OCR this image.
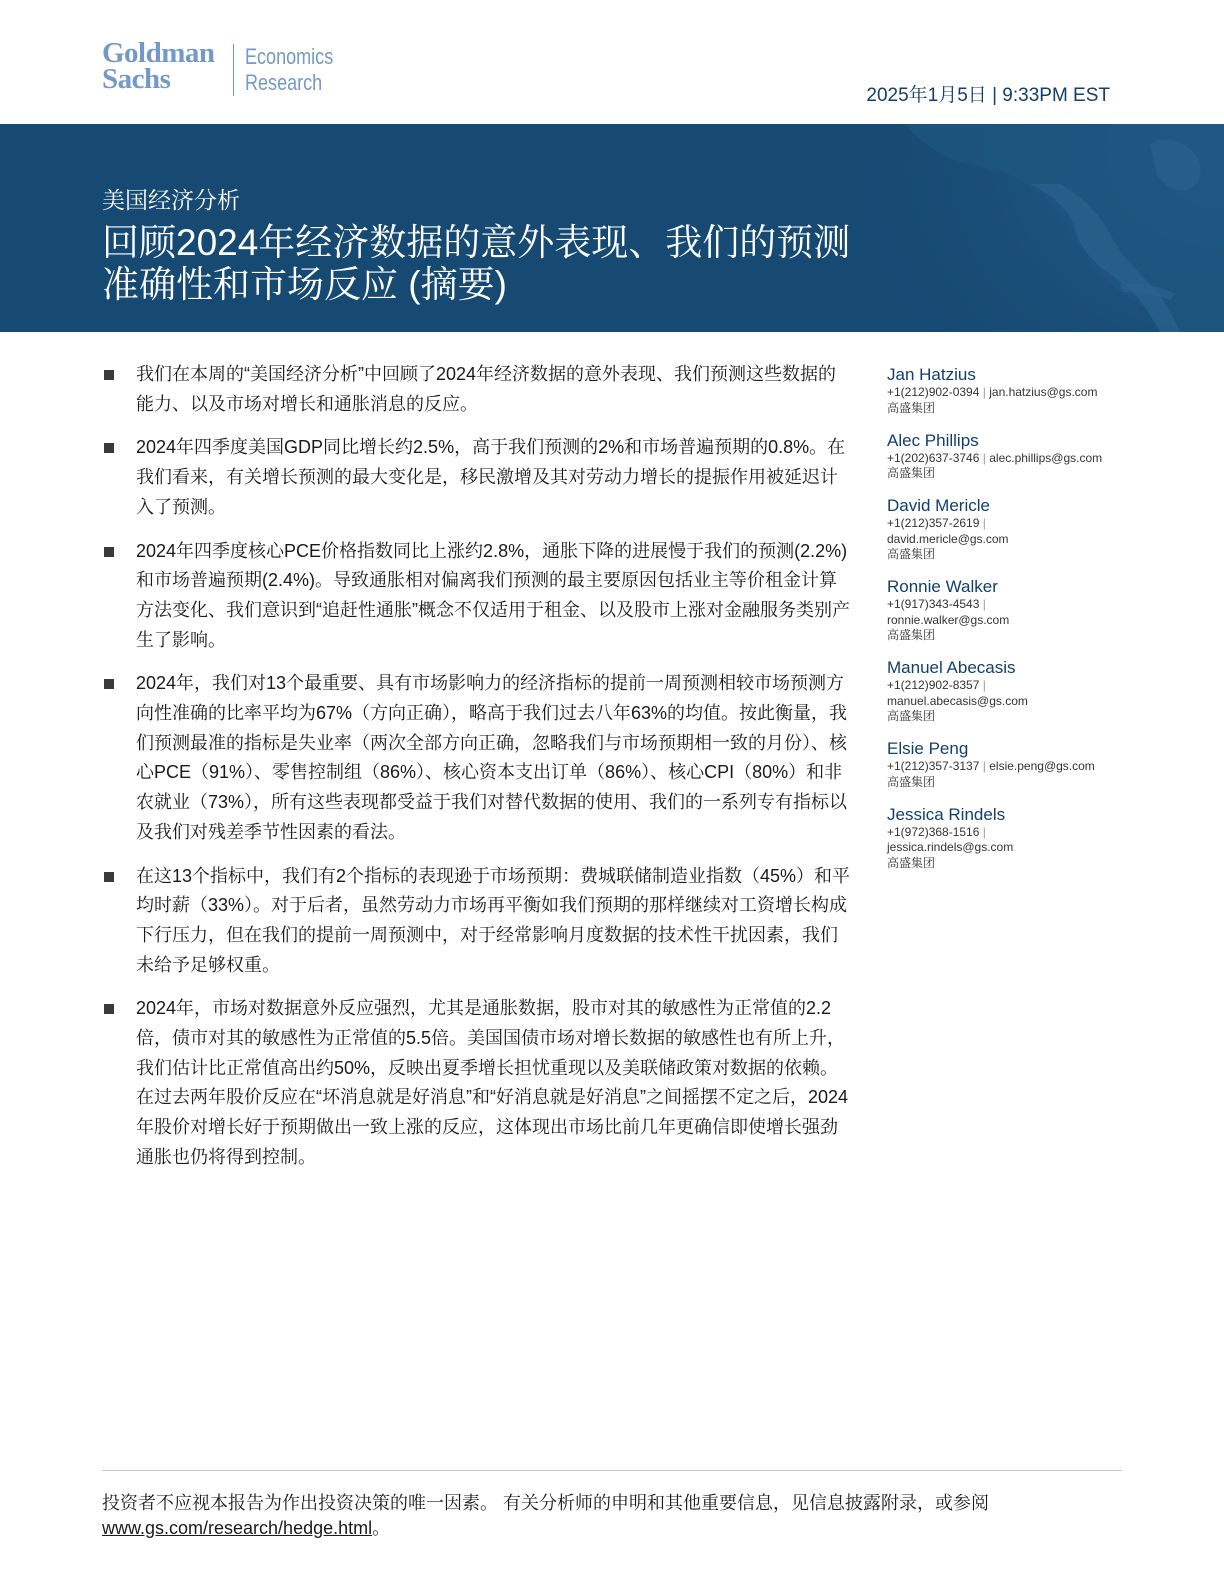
Goldman
Sachs
Economics
Research
2025年1月5日 | 9:33PM EST
美国经济分析
回顾2024年经济数据的意外表现、我们的预测
准确性和市场反应 (摘要)
我们在本周的“美国经济分析”中回顾了2024年经济数据的意外表现、我们预测这些数据的能力、以及市场对增长和通胀消息的反应。
2024年四季度美国GDP同比增长约2.5%，高于我们预测的2%和市场普遍预期的0.8%。在我们看来，有关增长预测的最大变化是，移民激增及其对劳动力增长的提振作用被延迟计入了预测。
2024年四季度核心PCE价格指数同比上涨约2.8%，通胀下降的进展慢于我们的预测(2.2%)和市场普遍预期(2.4%)。导致通胀相对偏离我们预测的最主要原因包括业主等价租金计算方法变化、我们意识到“追赶性通胀”概念不仅适用于租金、以及股市上涨对金融服务类别产生了影响。
2024年，我们对13个最重要、具有市场影响力的经济指标的提前一周预测相较市场预测方向性准确的比率平均为67%（方向正确），略高于我们过去八年63%的均值。按此衡量，我们预测最准的指标是失业率（两次全部方向正确，忽略我们与市场预期相一致的月份）、核心PCE（91%）、零售控制组（86%）、核心资本支出订单（86%）、核心CPI（80%）和非农就业（73%），所有这些表现都受益于我们对替代数据的使用、我们的一系列专有指标以及我们对残差季节性因素的看法。
在这13个指标中，我们有2个指标的表现逊于市场预期：费城联储制造业指数（45%）和平均时薪（33%）。对于后者，虽然劳动力市场再平衡如我们预期的那样继续对工资增长构成下行压力，但在我们的提前一周预测中，对于经常影响月度数据的技术性干扰因素，我们未给予足够权重。
2024年，市场对数据意外反应强烈，尤其是通胀数据，股市对其的敏感性为正常值的2.2倍，债市对其的敏感性为正常值的5.5倍。美国国债市场对增长数据的敏感性也有所上升，我们估计比正常值高出约50%，反映出夏季增长担忧重现以及美联储政策对数据的依赖。在过去两年股价反应在“坏消息就是好消息”和“好消息就是好消息”之间摇摆不定之后，2024年股价对增长好于预期做出一致上涨的反应，这体现出市场比前几年更确信即使增长强劲通胀也仍将得到控制。
Jan Hatzius
+1(212)902-0394 | jan.hatzius@gs.com
高盛集团
Alec Phillips
+1(202)637-3746 | alec.phillips@gs.com
高盛集团
David Mericle
+1(212)357-2619 |
david.mericle@gs.com
高盛集团
Ronnie Walker
+1(917)343-4543 |
ronnie.walker@gs.com
高盛集团
Manuel Abecasis
+1(212)902-8357 |
manuel.abecasis@gs.com
高盛集团
Elsie Peng
+1(212)357-3137 | elsie.peng@gs.com
高盛集团
Jessica Rindels
+1(972)368-1516 |
jessica.rindels@gs.com
高盛集团
投资者不应视本报告为作出投资决策的唯一因素。 有关分析师的申明和其他重要信息，见信息披露附录，或参阅
www.gs.com/research/hedge.html。
